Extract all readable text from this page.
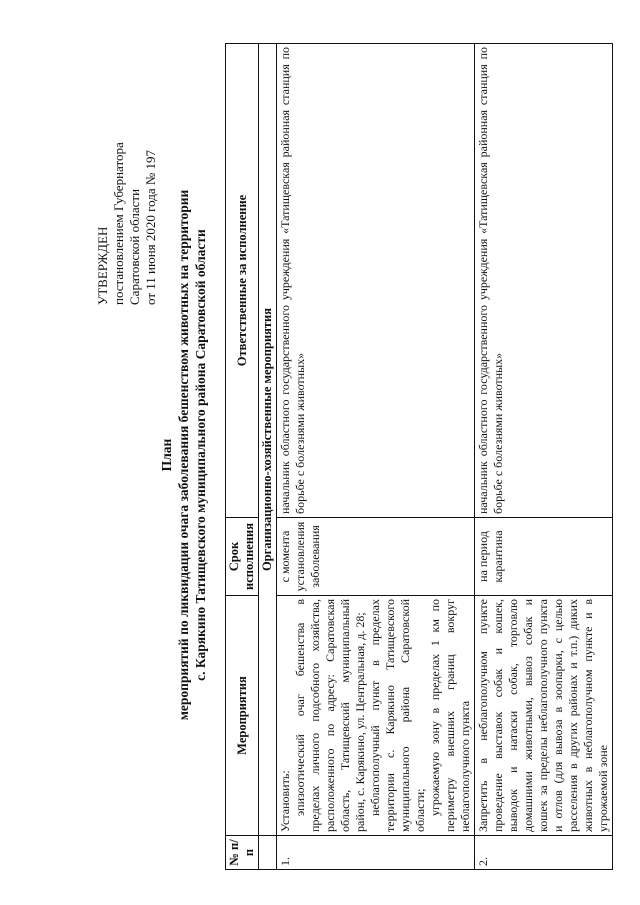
УТВЕРЖДЕН постановлением Губернатора Саратовской области от 11 июня 2020 года № 197
План мероприятий по ликвидации очага заболевания бешенством животных на территории с. Карякино Татищевского муниципального района Саратовской области
№ п/п	Мероприятия	Срок исполнения	Ответственные за исполнение
	Организационно-хозяйственные мероприятия		
1.	Установить: эпизоотический очаг бешенства в пределах личного подсобного хозяйства, расположенного по адресу: Саратовская область, Татищевский муниципальный район, с. Карякино, ул. Центральная, д. 28; неблагополучный пункт в пределах территории с. Карякино Татищевского муниципального района Саратовской области; угрожаемую зону в пределах 1 км по периметру внешних границ вокруг неблагополучного пункта	с момента установления заболевания	начальник областного государственного учреждения «Татищевская районная станция по борьбе с болезнями животных»
2.	Запретить в неблагополучном пункте проведение выставок собак и кошек, выводок и натаски собак, торговлю домашними животными, вывоз собак и кошек за пределы неблагополучного пункта и отлов (для вывоза в зоопарки, с целью расселения в других районах и т.п.) диких животных в неблагополучном пункте и в угрожаемой зоне	на период карантина	начальник областного государственного учреждения «Татищевская районная станция по борьбе с болезнями животных»
